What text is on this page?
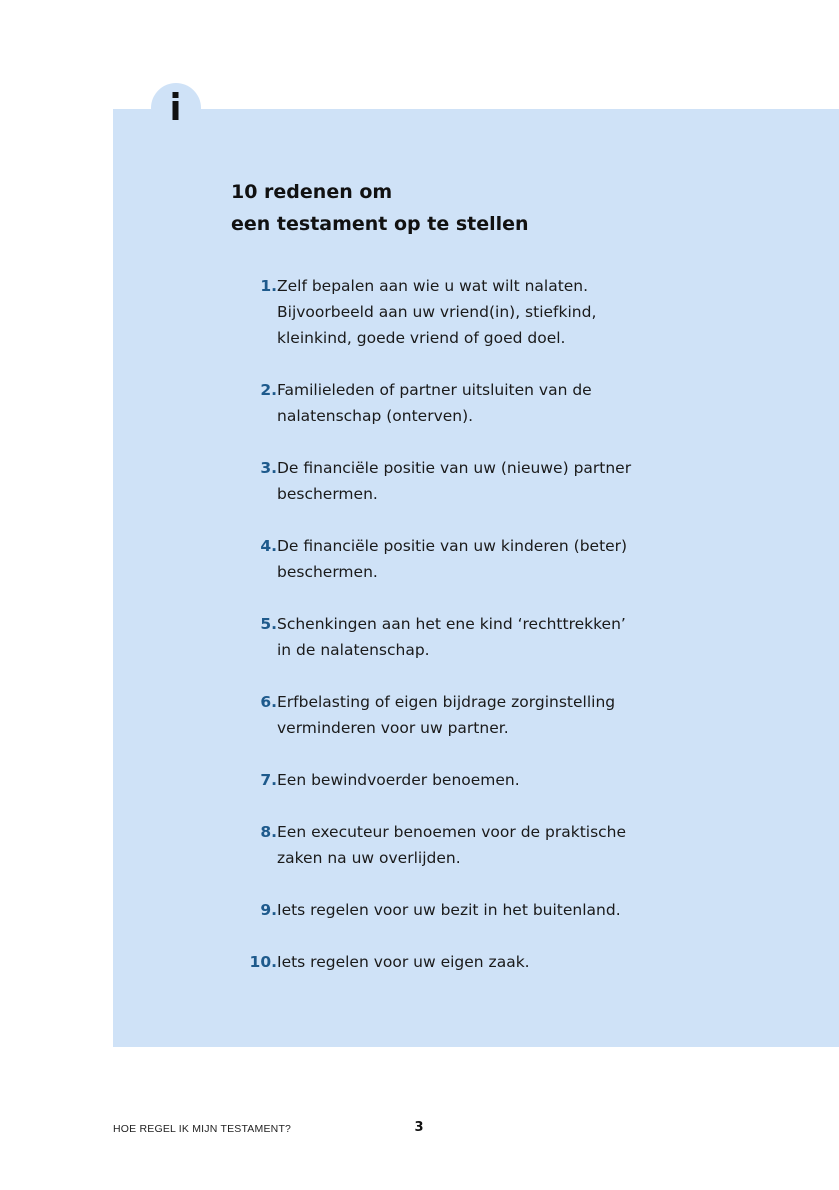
10 redenen om
een testament op te stellen
1. Zelf bepalen aan wie u wat wilt nalaten.
Bijvoorbeeld aan uw vriend(in), stiefkind,
kleinkind, goede vriend of goed doel.
2. Familieleden of partner uitsluiten van de
nalatenschap (onterven).
3. De financiële positie van uw (nieuwe) partner
beschermen.
4. De financiële positie van uw kinderen (beter)
beschermen.
5. Schenkingen aan het ene kind ‘rechttrekken’
in de nalatenschap.
6. Erfbelasting of eigen bijdrage zorginstelling
verminderen voor uw partner.
7. Een bewindvoerder benoemen.
8. Een executeur benoemen voor de praktische
zaken na uw overlijden.
9. Iets regelen voor uw bezit in het buitenland.
10. Iets regelen voor uw eigen zaak.
HOE REGEL IK MIJN TESTAMENT?	3
